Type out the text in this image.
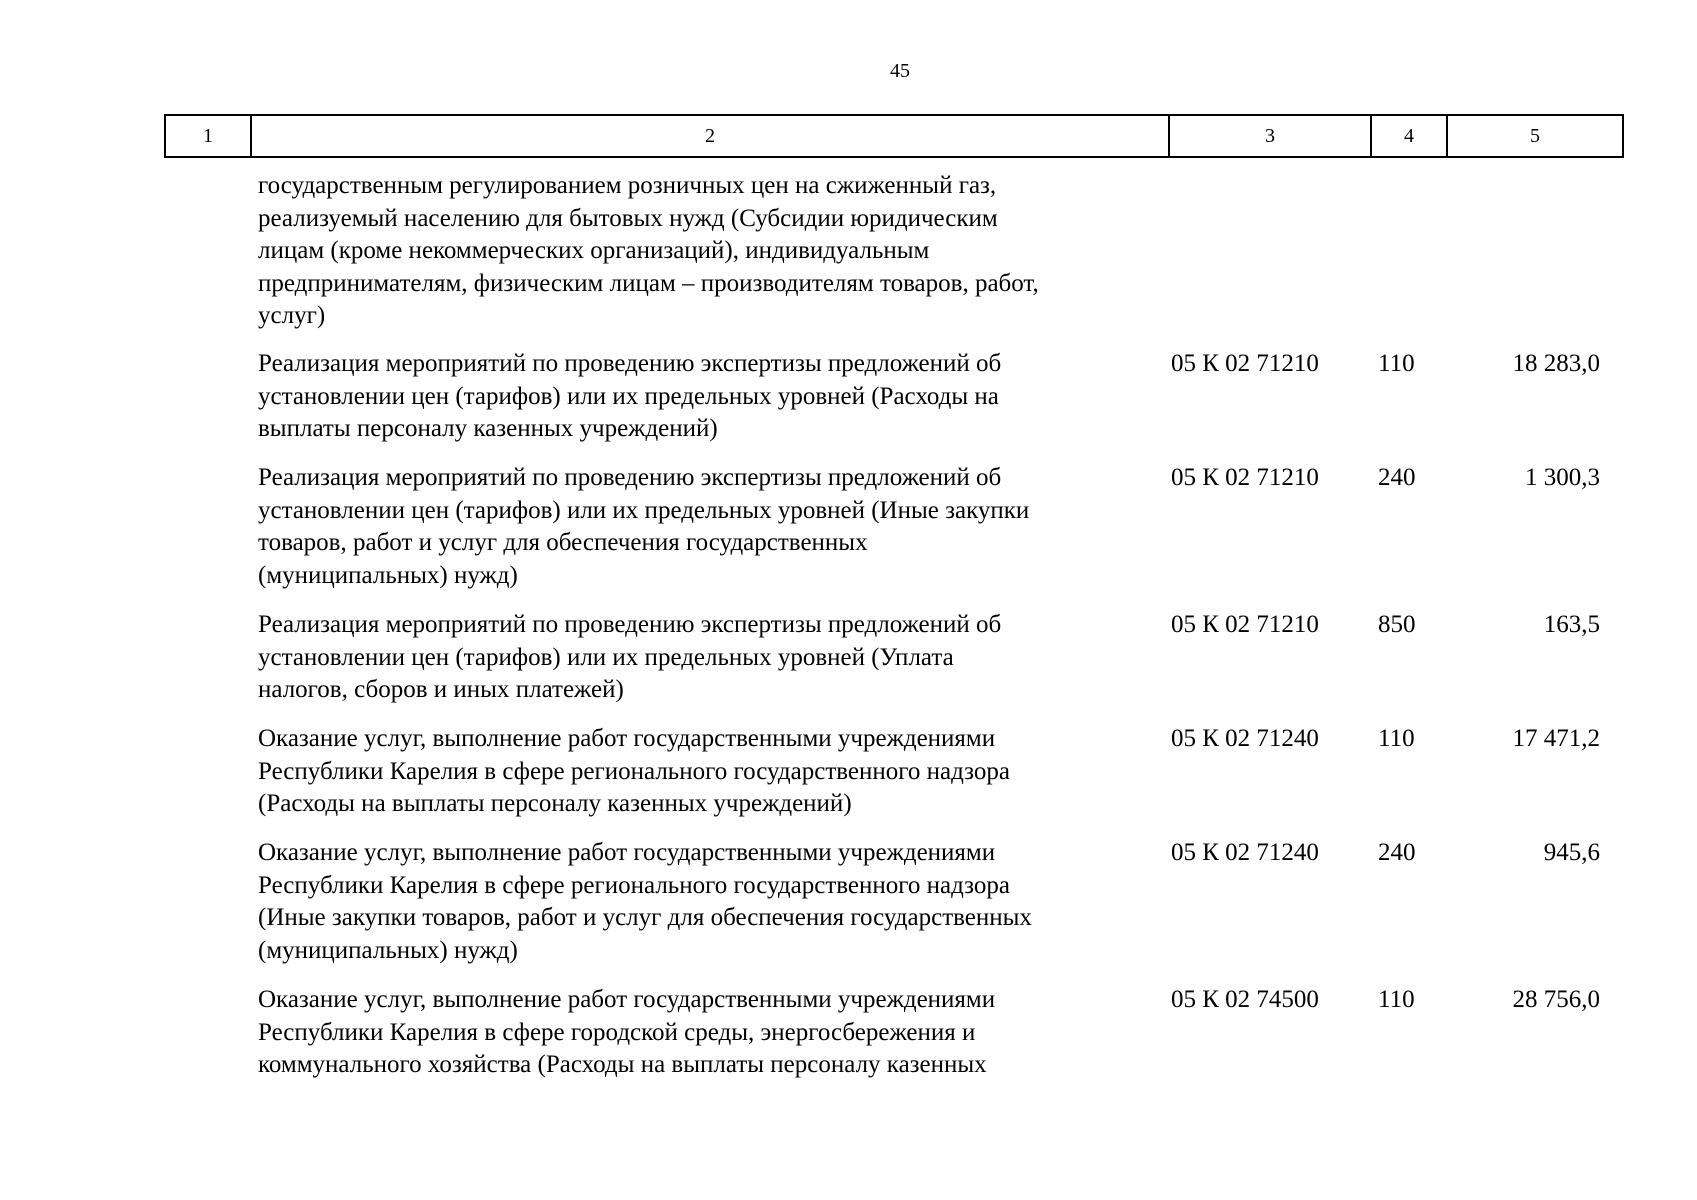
45
1	2	3	4	5
государственным регулированием розничных цен на сжиженный газ,
реализуемый населению для бытовых нужд (Субсидии юридическим
лицам (кроме некоммерческих организаций), индивидуальным
предпринимателям, физическим лицам – производителям товаров, работ,
услуг)
Реализация мероприятий по проведению экспертизы предложений об
установлении цен (тарифов) или их предельных уровней (Расходы на
выплаты персоналу казенных учреждений)
05 К 02 71210	110	18 283,0
Реализация мероприятий по проведению экспертизы предложений об
установлении цен (тарифов) или их предельных уровней (Иные закупки
товаров, работ и услуг для обеспечения государственных
(муниципальных) нужд)
05 К 02 71210	240	1 300,3
Реализация мероприятий по проведению экспертизы предложений об
установлении цен (тарифов) или их предельных уровней (Уплата
налогов, сборов и иных платежей)
05 К 02 71210	850	163,5
Оказание услуг, выполнение работ государственными учреждениями
Республики Карелия в сфере регионального государственного надзора
(Расходы на выплаты персоналу казенных учреждений)
05 К 02 71240	110	17 471,2
Оказание услуг, выполнение работ государственными учреждениями
Республики Карелия в сфере регионального государственного надзора
(Иные закупки товаров, работ и услуг для обеспечения государственных
(муниципальных) нужд)
05 К 02 71240	240	945,6
Оказание услуг, выполнение работ государственными учреждениями
Республики Карелия в сфере городской среды, энергосбережения и
коммунального хозяйства (Расходы на выплаты персоналу казенных
05 К 02 74500	110	28 756,0
